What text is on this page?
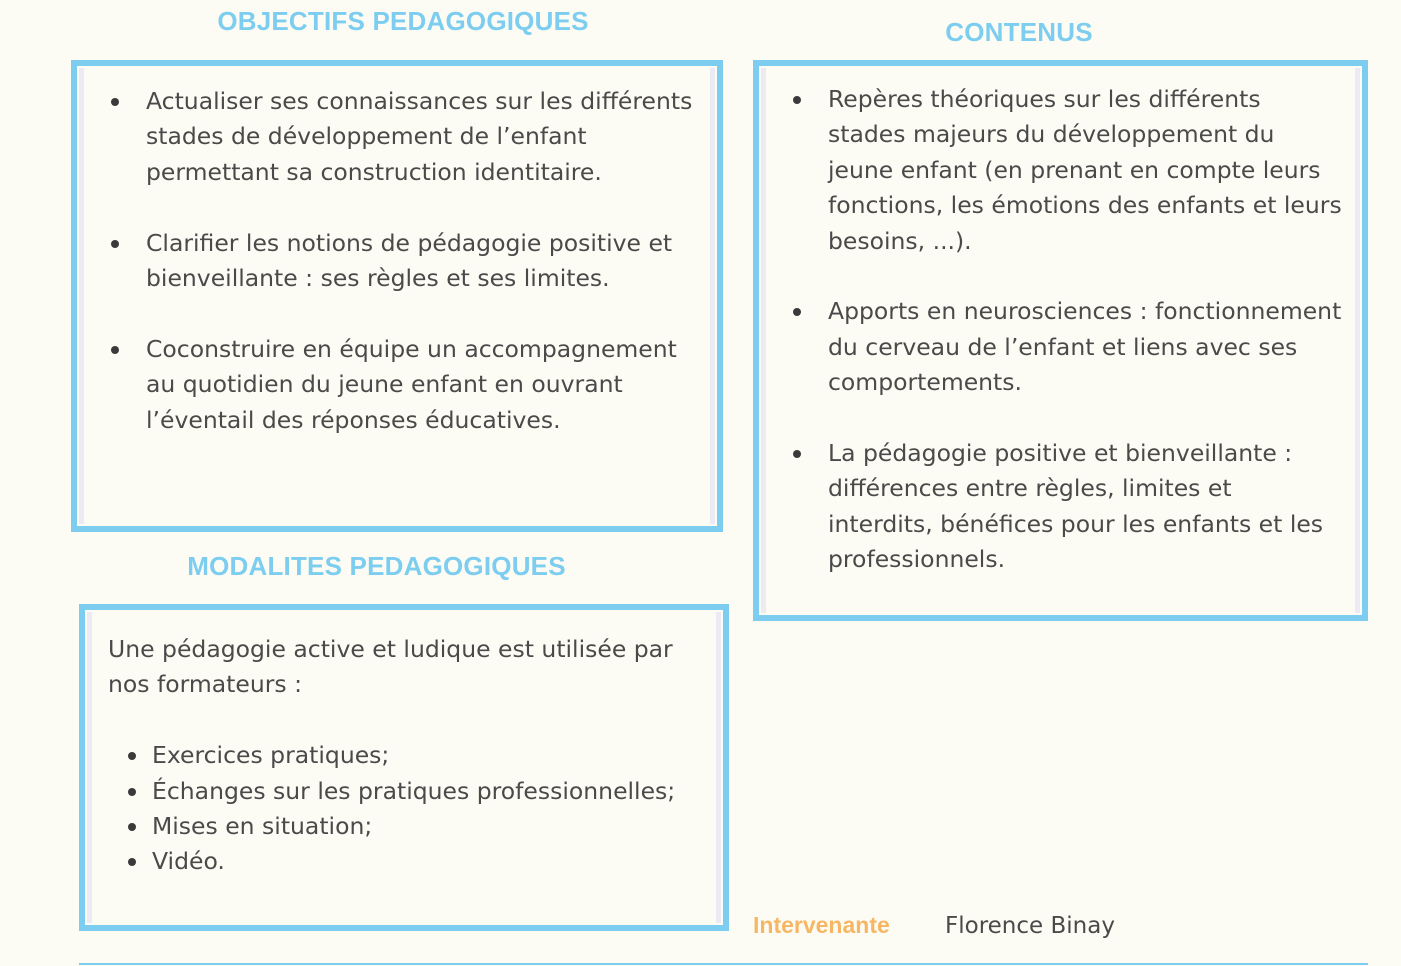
OBJECTIFS PEDAGOGIQUES	CONTENUS
Actualiser ses connaissances sur les différents stades de développement de l’enfant permettant sa construction identitaire.
Clarifier les notions de pédagogie positive et bienveillante : ses règles et ses limites.
Coconstruire en équipe un accompagnement au quotidien du jeune enfant en ouvrant l’éventail des réponses éducatives.
Repères théoriques sur les différents stades majeurs du développement du jeune enfant (en prenant en compte leurs fonctions, les émotions des enfants et leurs besoins, ...).
Apports en neurosciences : fonctionnement du cerveau de l’enfant et liens avec ses comportements.
La pédagogie positive et bienveillante : différences entre règles, limites et interdits, bénéfices pour les enfants et les professionnels.
MODALITES PEDAGOGIQUES
Une pédagogie active et ludique est utilisée par nos formateurs :
Exercices pratiques;
Échanges sur les pratiques professionnelles;
Mises en situation;
Vidéo.
Intervenante Florence Binay
